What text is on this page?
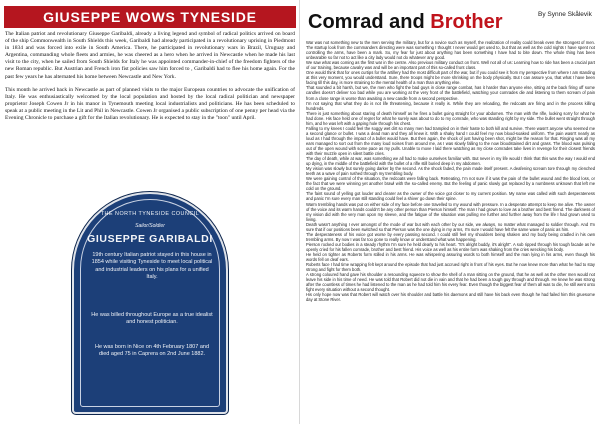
GIUSEPPE WOWS TYNESIDE

The Italian patriot and revolutionary Giuseppe Garibaldi, already a living legend and symbol of radical politics arrived on board of the ship Commonwealth in South Shields this week, Garibaldi had already participated in a revolutionary uprising in Piedmont in 1834 and was forced into exile in South America. There, he participated in revolutionary wars in Brazil, Uruguay and Argentina, commanding whole fleets and armies, he was cheered as a hero when he arrived in Newcastle when he made his last visit to the city, when he sailed from South Shields for Italy he was appointed commander-in-chief of the freedom fighters of the new Roman republic. But Austrian and French iron fist policies saw him forced to , Garibaldi had to flee his home again. For the past few years he has alternated his home between Newcastle and New York.

This month he arrived back in Newcastle as part of planned visits to the major European countries to advocate the unification of Italy. He was enthusiastically welcomed by the local population and hosted by the local radical politician and newspaper proprietor Joseph Cowen Jr in his manor in Tynemouth meeting local industrialists and politicians. He has been scheduled to speak at a public meeting in the Lit and Phil in Newcastle. Cowen Jr organised a public subscription of one penny per head via the Evening Chronicle to purchase a gift for the Italian revolutionary. He is expected to stay in the "toon" until April.

THE NORTH TYNESIDE COUNCIL
Sailor/Soldier
GIUSEPPE GARIBALDI
19th century Italian patriot stayed in this house in 1854 while visiting Tyneside to meet local political and industrial leaders on his plans for a unified Italy.
He was billed throughout Europe as a true idealist and honest politician.
He was born in Nice on 4th February 1807 and died aged 75 in Caprera on 2nd June 1882.
Comrad and Brother	By Synne Skålevik

War was not something new to the men serving the military, but for a novice such as myself, the realization of reality could break even the strongest of men. The startup look from the commanders directing were was something I thought I never would get used to, but that as well as the cold nights I have spent not controlling the arms, have been a mark. So, my fear for just about anything has been something I have had to bite down. The whole thing has been unbearable so far not to act like a city lady would not do whatever any good.

We saw what was coming as the first war in the centre. Also previous military conduct on front. Well not all of us: Learning how to ride has been a crucial part of our training, because cavalry was and will be an important part of this so-called front class.

One would think that for ones curtips for the artillery had the most difficult part of the war, but if you could see it from my perspective from where I am standing at this very moment, you would understand. Sure, there troops might be more shrinking on the body physically. But I can assure you, that what I have been facing till this day, is more straining to the mental health of a man than anything else.

That sounded a bit harsh, but we, the men who fight the bad guys in close range combat, has it harder than anyone else, sitting at the back firing off some candles doesn't deliver too bad while you are working at the very front of the battlefield, watching your comrades die and listening to them scream of pain from a close range is worse than awaiting a new candle from a second perspective.

I'm not saying that what they do is not life threatening, because it really is. While they are reloading, the redcoats are firing and in the process killing hundreds.

There is just something about staring of death himself as he fires a bullet going straight for your abdomen. The man with the rifle, looking sorry for what he had done. His face held one of regret for what he surely was about to do to my comrade, who was standing right by my side. The bullet went straight through him, and he was left with a gaping hole through his chest.

Falling to my knees I could feel the soggy wet dirt so many men had trampled on in their haste to both kill and survive. There wasn't anyone who seemed me a second glance or bullet. I was a dead man and they all knew it. With a shaky hand I could feel my now blood-soaked uniform. The pain wasn't nearly as loud as I had through the impact of a bullet would have. But then again, the shock of just having been shot, might be the reason for that. Ringing was all my ears managed to sort out from the many loud noises from around me, as I was slowly falling to the now bloodstained dirt and grass. The blood was pulsing out of the open wound with some pace as my pulls. Unable to move I laid there watching as my close comrades take lives in revenge for their closest friends with their muzzle open in silent battle cries.

The day of death, while at war, was something we all had to make ourselves familiar with. But never in my life would I think that this was the way I would end up dying, in the middle of the battlefield with the bullet of a rifle still buried deep in my abdomen.

My vision was slowly but surely going darker by the second. As the shock faded, the pain made itself present. A deafening scream tore through my clenched teeth as a wave of pain rushed through my trembling body.

We were gaining control of the situation, the redcoats were falling back. Retreating. I'm not sure if it was the pain of the bullet wound and the blood loss, or the fact that we were winning yet another brawl with the so-called enemy. But the feeling of panic slowly got replaced by a numbness unknown that left me cold on the ground.

The faint sound of yelling got louder and clearer as the owner of the voice got closer to my current position. My name was called with such desperateness and panic I'm sure every man still standing could feel a shiver go down their spine.

Warm trembling hands was put on either side of my face before one travelled to my wound with pressure. In a desperate attempt to keep me alive. The owner of the voice and its warm hands couldn't be any other person than Pierson himself. The man I had grown to love as a brother and best friend. The darkness of my vision did with the very man upon my sleeve, and the fatigue of the situation was pulling me further and further away from the life I had grown used to living.

Death wasn't anything I ever amongst of the mode of war but with each other by our side, we always, no matter what managed to soldier through. And I'm sure that if our positions been switched so that Pierson was the one dying in my arms, I'm sure I would have felt the same wave of panic as him.

The desperateness of his voice got worse by every passing second. I could still feel my shoulders being shaken and my body being cradled in his own trembling arms. By now I was far too gone to really know or understand what was happening.

Pierson rocked our bodies in a steady rhythm I'm sure he held dearly to his heart. "It's alright buddy, it's alright". A sob ripped through his tough facade as he openly cried for his fallen comrade, brother and best friend. His voice as well as his entire form was shaking from the cries wrecking his body.

He held on tighter as Roberts form stilled in his arms. He was whispering assuring words to both himself and the man lying in his arms, even though his words fell on deaf ears.

Roberts face I had time wrapping felt kept around the episode that had just accrued right in front of his eyes. But he now knew more than what he had to stay strong and fight for them both.

A strong coloured hand gave his shoulder a resounding squeeze to show the shell of a man sitting on the ground, that he as well as the other men would not leave his side in his time of need. He was told that Robert did not die in vain and that he had been a tough guy through and through. He knew he was strong after the countless of times he had listened to the man as he had told him his every fear. Even though the biggest fear of them all was to die, he still went onto fight every situation without a second thought.

His only hope now was that Robert will watch over his shoulder and battle his daemons and still have his back even though he had failed him this gruesome day at Stone River.
